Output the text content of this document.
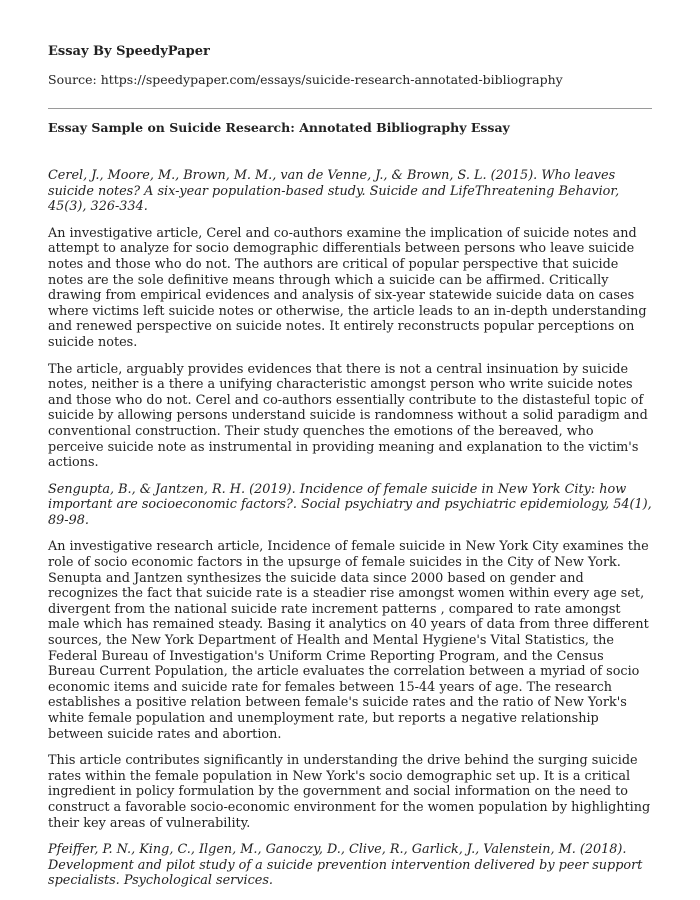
Essay By SpeedyPaper
Source: https://speedypaper.com/essays/suicide-research-annotated-bibliography
Essay Sample on Suicide Research: Annotated Bibliography Essay

Cerel, J., Moore, M., Brown, M. M., van de Venne, J., & Brown, S. L. (2015). Who leaves suicide notes? A six-year population-based study. Suicide and LifeThreatening Behavior, 45(3), 326-334.

An investigative article, Cerel and co-authors examine the implication of suicide notes and attempt to analyze for socio demographic differentials between persons who leave suicide notes and those who do not. The authors are critical of popular perspective that suicide notes are the sole definitive means through which a suicide can be affirmed. Critically drawing from empirical evidences and analysis of six-year statewide suicide data on cases where victims left suicide notes or otherwise, the article leads to an in-depth understanding and renewed perspective on suicide notes. It entirely reconstructs popular perceptions on suicide notes.

The article, arguably provides evidences that there is not a central insinuation by suicide notes, neither is a there a unifying characteristic amongst person who write suicide notes and those who do not. Cerel and co-authors essentially contribute to the distasteful topic of suicide by allowing persons understand suicide is randomness without a solid paradigm and conventional construction. Their study quenches the emotions of the bereaved, who perceive suicide note as instrumental in providing meaning and explanation to the victim's actions.

Sengupta, B., & Jantzen, R. H. (2019). Incidence of female suicide in New York City: how important are socioeconomic factors?. Social psychiatry and psychiatric epidemiology, 54(1), 89-98.

An investigative research article, Incidence of female suicide in New York City examines the role of socio economic factors in the upsurge of female suicides in the City of New York. Senupta and Jantzen synthesizes the suicide data since 2000 based on gender and recognizes the fact that suicide rate is a steadier rise amongst women within every age set, divergent from the national suicide rate increment patterns , compared to rate amongst male which has remained steady. Basing it analytics on 40 years of data from three different sources, the New York Department of Health and Mental Hygiene's Vital Statistics, the Federal Bureau of Investigation's Uniform Crime Reporting Program, and the Census Bureau Current Population, the article evaluates the correlation between a myriad of socio economic items and suicide rate for females between 15-44 years of age. The research establishes a positive relation between female's suicide rates and the ratio of New York's white female population and unemployment rate, but reports a negative relationship between suicide rates and abortion.

This article contributes significantly in understanding the drive behind the surging suicide rates within the female population in New York's socio demographic set up. It is a critical ingredient in policy formulation by the government and social information on the need to construct a favorable socio-economic environment for the women population by highlighting their key areas of vulnerability.

Pfeiffer, P. N., King, C., Ilgen, M., Ganoczy, D., Clive, R., Garlick, J., Valenstein, M. (2018). Development and pilot study of a suicide prevention intervention delivered by peer support specialists. Psychological services.
